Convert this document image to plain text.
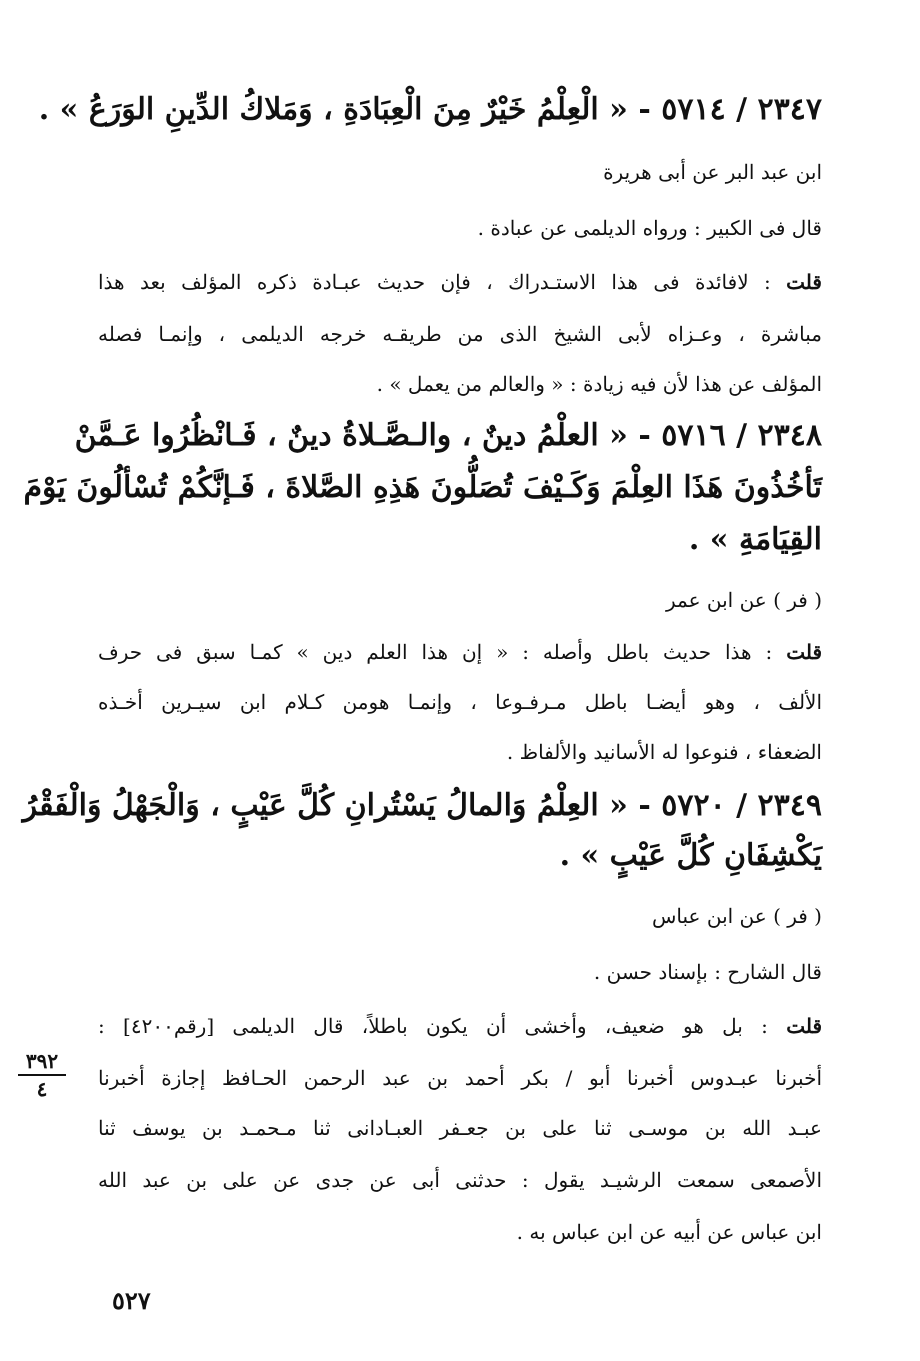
٢٣٤٧ / ٥٧١٤ - « الْعِلْمُ خَيْرٌ مِنَ الْعِبَادَةِ ، وَمَلاكُ الدِّينِ الوَرَعُ » .

ابن عبد البر عن أبى هريرة

قال فى الكبير : ورواه الديلمى عن عبادة .

قلت : لافائدة فى هذا الاستـدراك ، فإن حديث عبـادة ذكره المؤلف بعد هذا

مباشرة ، وعـزاه لأبى الشيخ الذى من طريقـه خرجه الديلمى ، وإنمـا فصله

المؤلف عن هذا لأن فيه زيادة : « والعالم من يعمل » .

٢٣٤٨ / ٥٧١٦ - « العلْمُ دينٌ ، والـصَّـلاةُ دينٌ ، فَـانْظُرُوا عَـمَّنْ

تَأخُذُونَ هَذَا العِلْمَ وَكَـيْفَ تُصَلُّونَ هَذِهِ الصَّلاةَ ، فَـإنَّكُمْ تُسْألُونَ يَوْمَ

القِيَامَةِ » .

( فر ) عن ابن عمر

قلت : هذا حديث باطل وأصله : « إن هذا العلم دين » كمـا سبق فى حرف

الألف ، وهو أيضـا باطل مـرفـوعا ، وإنمـا هومن كـلام ابن سيـرين أخـذه

الضعفاء ، فنوعوا له الأسانيد والألفاظ .

٢٣٤٩ / ٥٧٢٠ - « العِلْمُ وَالمالُ يَسْتُرانِ كُلَّ عَيْبٍ ، وَالْجَهْلُ وَالْفَقْرُ

يَكْشِفَانِ كُلَّ عَيْبٍ » .

( فر ) عن ابن عباس

قال الشارح : بإسناد حسن .

قلت : بل هو ضعيف، وأخشى أن يكون باطلاً، قال الديلمى [رقم٤٢٠٠] :

أخبرنا عبـدوس أخبرنا أبو / بكر أحمد بن عبد الرحمن الحـافظ إجازة أخبرنا

عبـد الله بن موسـى ثنا على بن جعـفر العبـادانى ثنا مـحمـد بن يوسف ثنا

الأصمعى سمعت الرشيـد يقول : حدثنى أبى عن جدى عن على بن عبد الله

ابن عباس عن أبيه عن ابن عباس به .

٣٩٢
٤
٥٢٧
